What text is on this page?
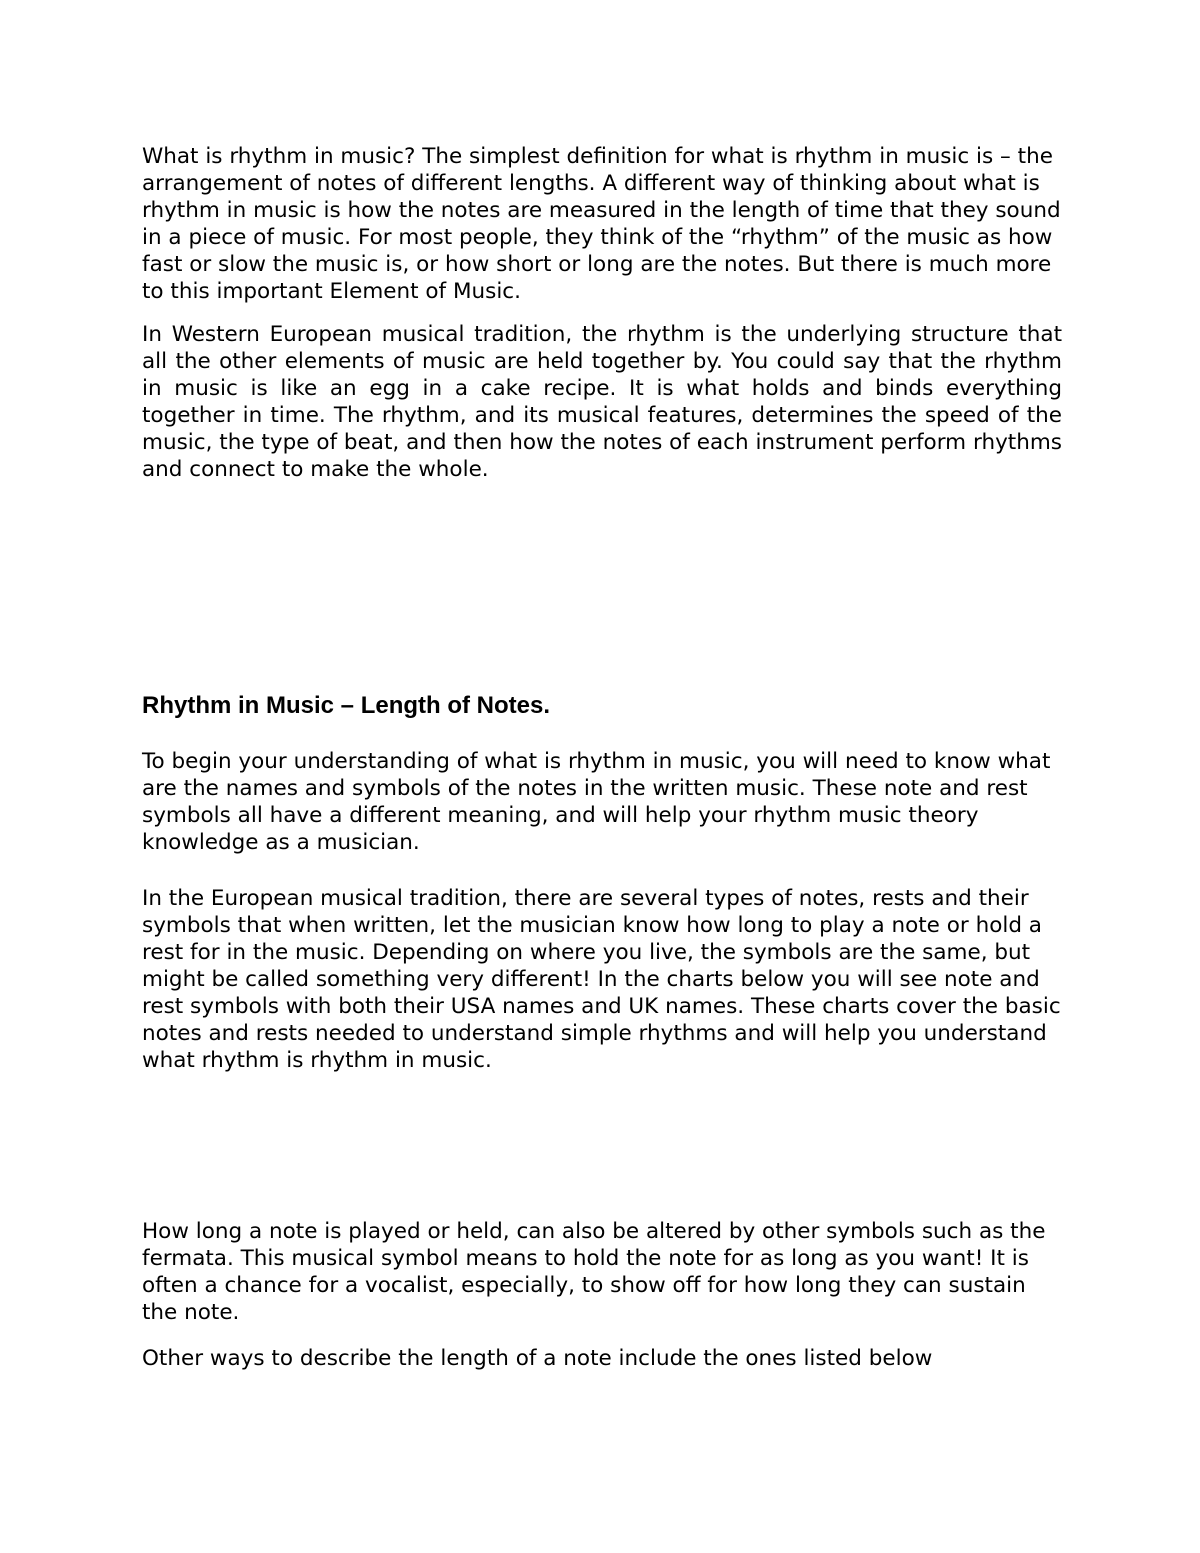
What is rhythm in music? The simplest definition for what is rhythm in music is – the arrangement of notes of different lengths. A different way of thinking about what is rhythm in music is how the notes are measured in the length of time that they sound in a piece of music. For most people, they think of the “rhythm” of the music as how fast or slow the music is, or how short or long are the notes. But there is much more to this important Element of Music.

In Western European musical tradition, the rhythm is the underlying structure that all the other elements of music are held together by. You could say that the rhythm in music is like an egg in a cake recipe. It is what holds and binds everything together in time. The rhythm, and its musical features, determines the speed of the music, the type of beat, and then how the notes of each instrument perform rhythms and connect to make the whole.

Rhythm in Music – Length of Notes.

To begin your understanding of what is rhythm in music, you will need to know what are the names and symbols of the notes in the written music. These note and rest symbols all have a different meaning, and will help your rhythm music theory knowledge as a musician.

In the European musical tradition, there are several types of notes, rests and their symbols that when written, let the musician know how long to play a note or hold a rest for in the music. Depending on where you live, the symbols are the same, but might be called something very different! In the charts below you will see note and rest symbols with both their USA names and UK names. These charts cover the basic notes and rests needed to understand simple rhythms and will help you understand what rhythm is rhythm in music.

How long a note is played or held, can also be altered by other symbols such as the fermata. This musical symbol means to hold the note for as long as you want! It is often a chance for a vocalist, especially, to show off for how long they can sustain the note.

Other ways to describe the length of a note include the ones listed below
